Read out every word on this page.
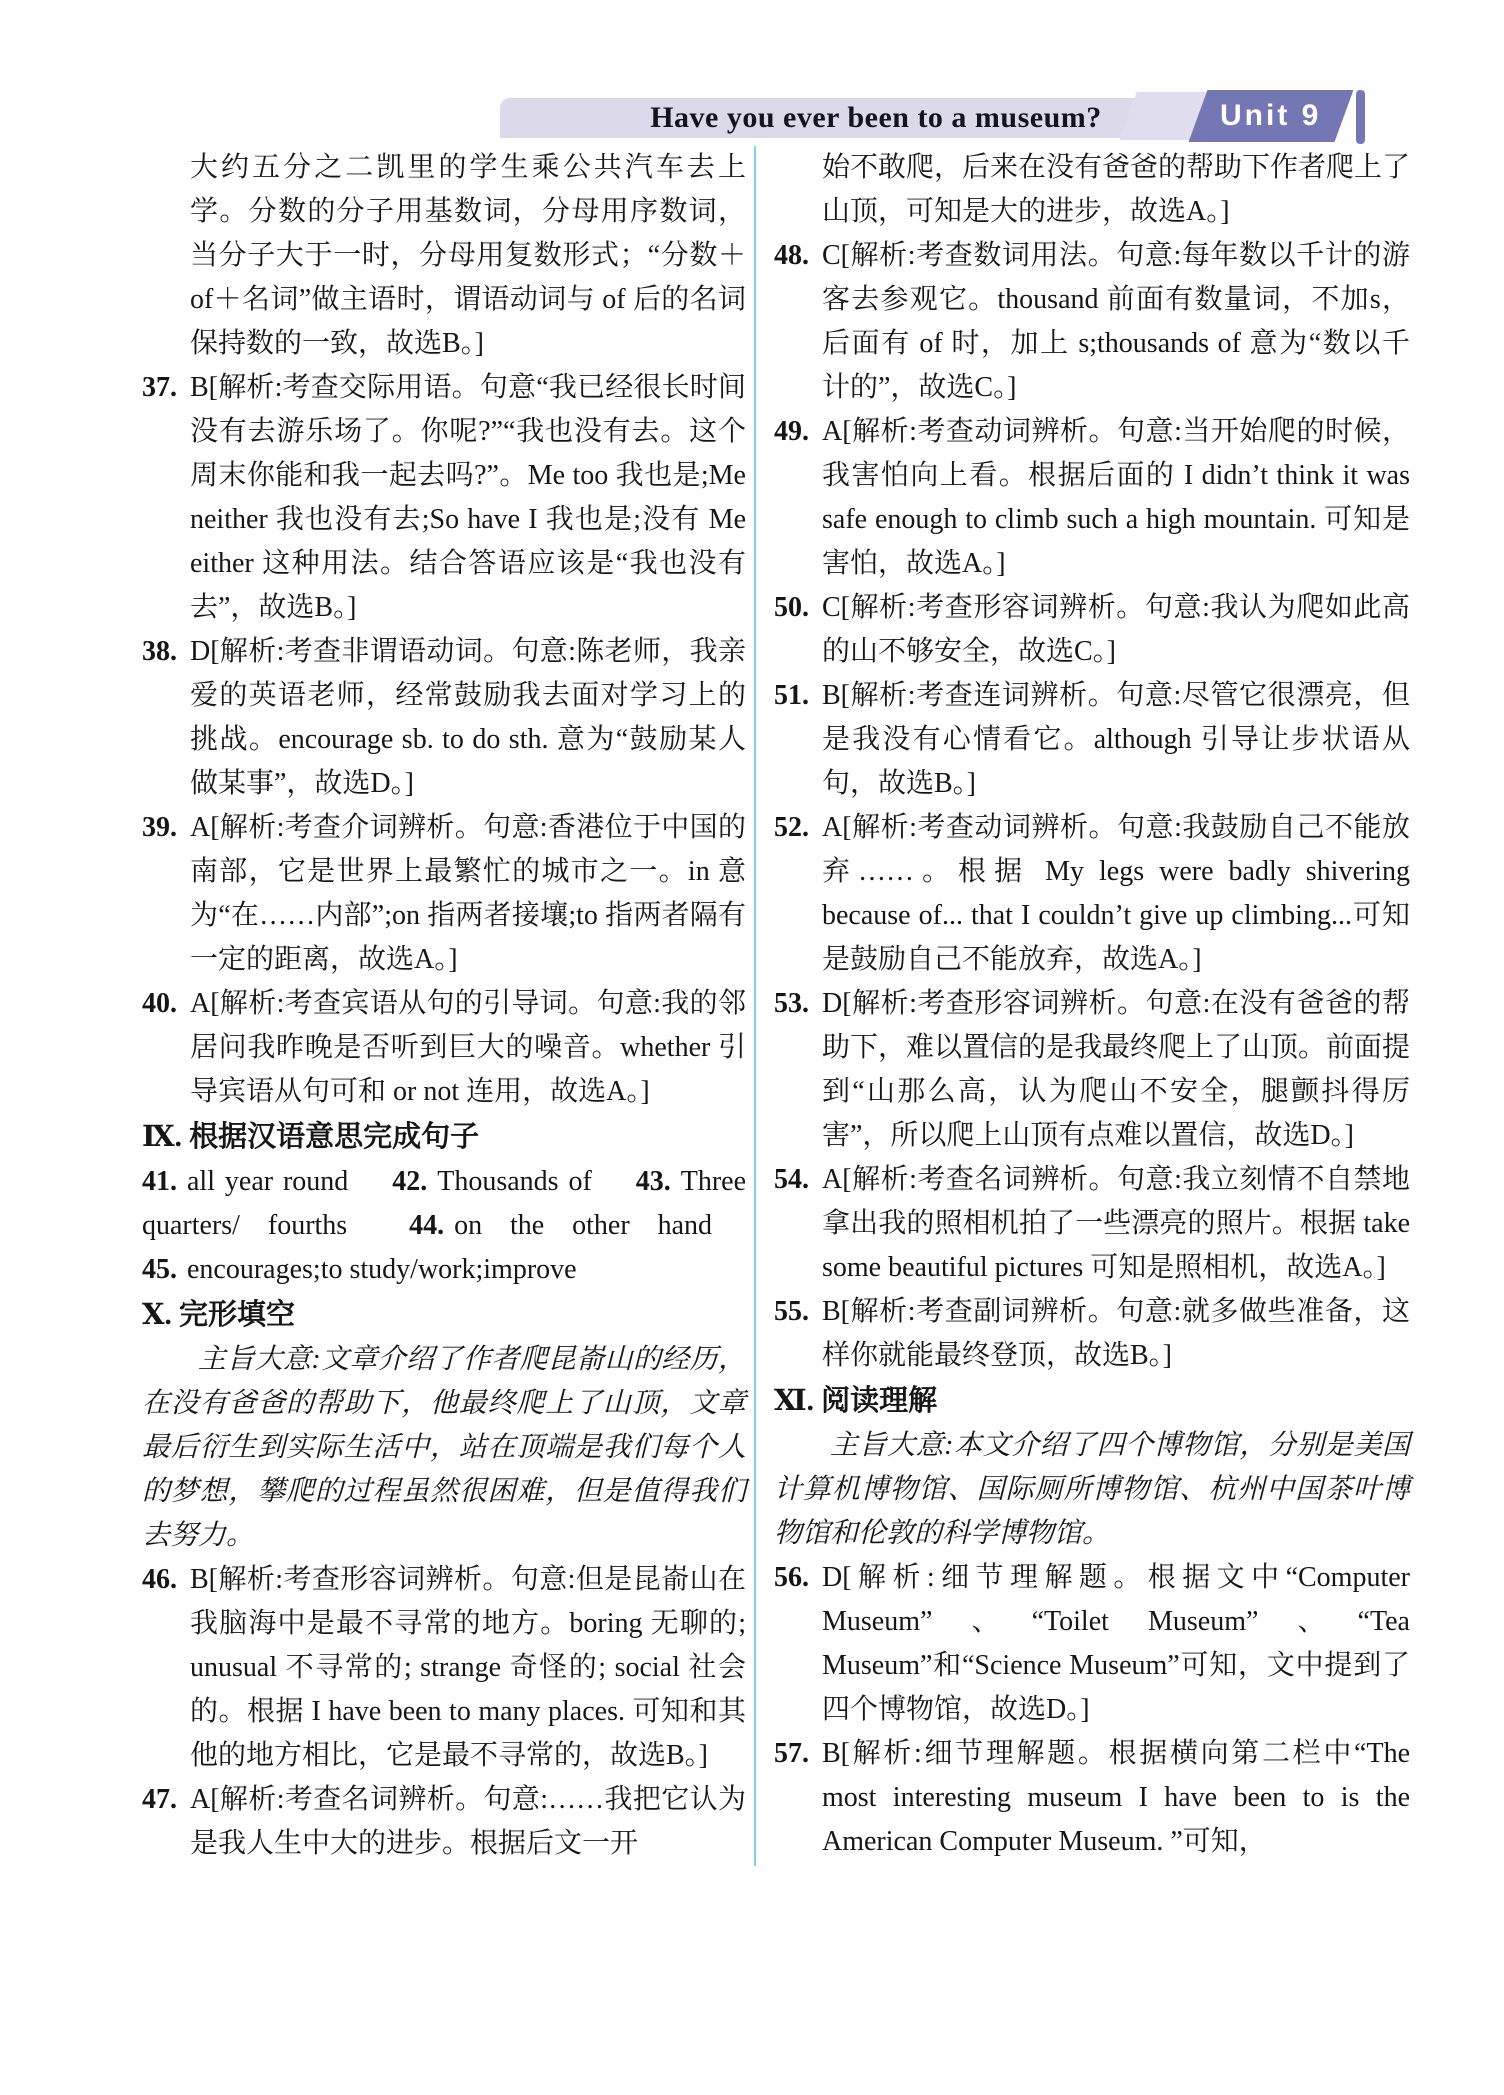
Have you ever been to a museum?	Unit 9

大约五分之二凯里的学生乘公共汽车去上学。分数的分子用基数词，分母用序数词，当分子大于一时，分母用复数形式；“分数＋of＋名词”做主语时，谓语动词与 of 后的名词保持数的一致，故选B。]

37. B[解析:考查交际用语。句意“我已经很长时间没有去游乐场了。你呢?”“我也没有去。这个周末你能和我一起去吗?”。Me too 我也是;Me neither 我也没有去;So have I 我也是;没有 Me either 这种用法。结合答语应该是“我也没有去”，故选B。]

38. D[解析:考查非谓语动词。句意:陈老师，我亲爱的英语老师，经常鼓励我去面对学习上的挑战。encourage sb. to do sth. 意为“鼓励某人做某事”，故选D。]

39. A[解析:考查介词辨析。句意:香港位于中国的南部，它是世界上最繁忙的城市之一。in 意为“在……内部”;on 指两者接壤;to 指两者隔有一定的距离，故选A。]

40. A[解析:考查宾语从句的引导词。句意:我的邻居问我昨晚是否听到巨大的噪音。whether 引导宾语从句可和 or not 连用，故选A。]

Ⅸ. 根据汉语意思完成句子

41. all year round 42. Thousands of 43. Three quarters/ fourths 44. on the other hand 45. encourages;to study/work;improve

Ⅹ. 完形填空

主旨大意:文章介绍了作者爬昆嵛山的经历，在没有爸爸的帮助下，他最终爬上了山顶，文章最后衍生到实际生活中，站在顶端是我们每个人的梦想，攀爬的过程虽然很困难，但是值得我们去努力。

46. B[解析:考查形容词辨析。句意:但是昆嵛山在我脑海中是最不寻常的地方。boring 无聊的; unusual 不寻常的; strange 奇怪的; social 社会的。根据 I have been to many places. 可知和其他的地方相比，它是最不寻常的，故选B。]

47. A[解析:考查名词辨析。句意:……我把它认为是我人生中大的进步。根据后文一开

始不敢爬，后来在没有爸爸的帮助下作者爬上了山顶，可知是大的进步，故选A。]

48. C[解析:考查数词用法。句意:每年数以千计的游客去参观它。thousand 前面有数量词，不加s，后面有 of 时，加上 s;thousands of 意为“数以千计的”，故选C。]

49. A[解析:考查动词辨析。句意:当开始爬的时候，我害怕向上看。根据后面的 I didn’t think it was safe enough to climb such a high mountain. 可知是害怕，故选A。]

50. C[解析:考查形容词辨析。句意:我认为爬如此高的山不够安全，故选C。]

51. B[解析:考查连词辨析。句意:尽管它很漂亮，但是我没有心情看它。although 引导让步状语从句，故选B。]

52. A[解析:考查动词辨析。句意:我鼓励自己不能放弃……。根据 My legs were badly shivering because of... that I couldn’t give up climbing...可知是鼓励自己不能放弃，故选A。]

53. D[解析:考查形容词辨析。句意:在没有爸爸的帮助下，难以置信的是我最终爬上了山顶。前面提到“山那么高，认为爬山不安全，腿颤抖得厉害”，所以爬上山顶有点难以置信，故选D。]

54. A[解析:考查名词辨析。句意:我立刻情不自禁地拿出我的照相机拍了一些漂亮的照片。根据 take some beautiful pictures 可知是照相机，故选A。]

55. B[解析:考查副词辨析。句意:就多做些准备，这样你就能最终登顶，故选B。]

Ⅺ. 阅读理解

主旨大意:本文介绍了四个博物馆，分别是美国计算机博物馆、国际厕所博物馆、杭州中国茶叶博物馆和伦敦的科学博物馆。

56. D[解析:细节理解题。根据文中“Computer Museum” 、“Toilet Museum” 、“Tea Museum”和“Science Museum”可知，文中提到了四个博物馆，故选D。]

57. B[解析:细节理解题。根据横向第二栏中“The most interesting museum I have been to is the American Computer Museum. ”可知，
